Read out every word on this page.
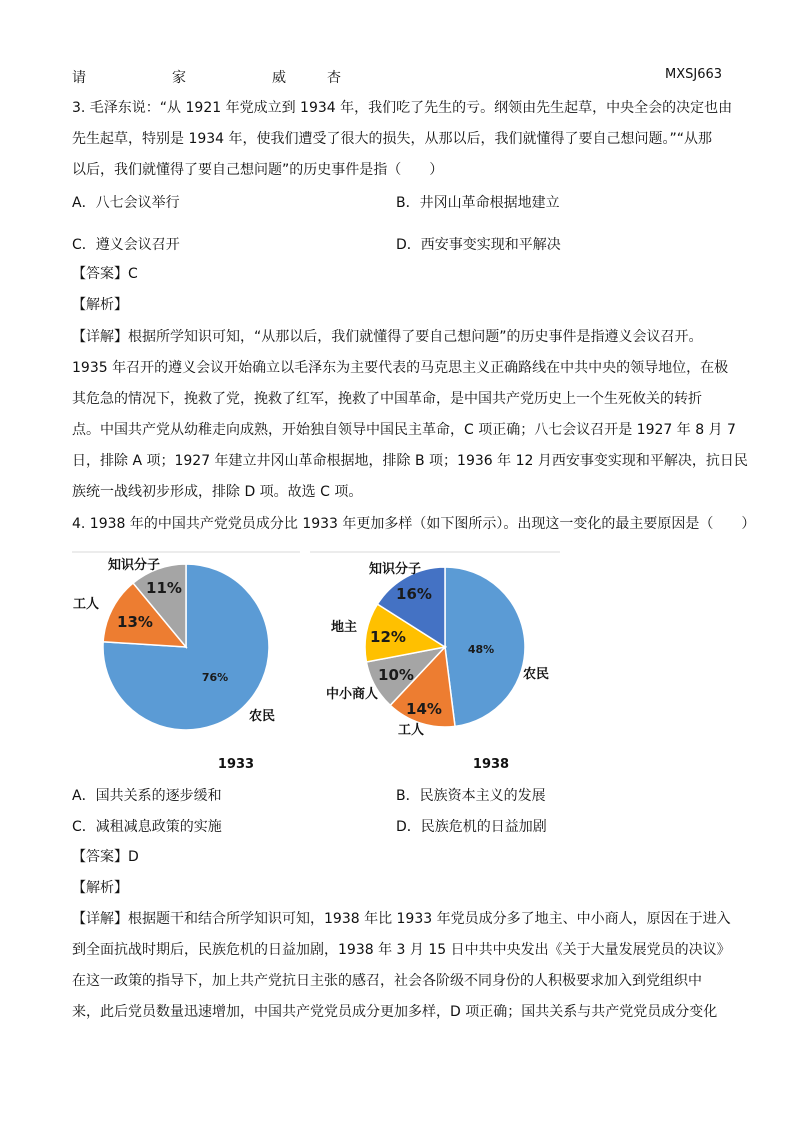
请	家	威	杏	MXSJ663
3. 毛泽东说：“从 1921 年党成立到 1934 年，我们吃了先生的亏。纲领由先生起草，中央全会的决定也由
先生起草，特别是 1934 年，使我们遭受了很大的损失，从那以后，我们就懂得了要自己想问题。”“从那
以后，我们就懂得了要自己想问题”的历史事件是指（　　）
A．八七会议举行	B．井冈山革命根据地建立
C．遵义会议召开	D．西安事变实现和平解决
【答案】C
【解析】
【详解】根据所学知识可知，“从那以后，我们就懂得了要自己想问题”的历史事件是指遵义会议召开。
1935 年召开的遵义会议开始确立以毛泽东为主要代表的马克思主义正确路线在中共中央的领导地位，在极
其危急的情况下，挽救了党，挽救了红军，挽救了中国革命，是中国共产党历史上一个生死攸关的转折
点。中国共产党从幼稚走向成熟，开始独自领导中国民主革命，C 项正确；八七会议召开是 1927 年 8 月 7
日，排除 A 项；1927 年建立井冈山革命根据地，排除 B 项；1936 年 12 月西安事变实现和平解决，抗日民
族统一战线初步形成，排除 D 项。故选 C 项。
4. 1938 年的中国共产党党员成分比 1933 年更加多样（如下图所示）。出现这一变化的最主要原因是（　　）
76%
13%
11%
农民
工人
知识分子
1933
48%
14%
10%
12%
16%
农民
工人
中小商人
地主
知识分子
1938
A．国共关系的逐步缓和	B．民族资本主义的发展
C．减租减息政策的实施	D．民族危机的日益加剧
【答案】D
【解析】
【详解】根据题干和结合所学知识可知，1938 年比 1933 年党员成分多了地主、中小商人，原因在于进入
到全面抗战时期后，民族危机的日益加剧，1938 年 3 月 15 日中共中央发出《关于大量发展党员的决议》
在这一政策的指导下，加上共产党抗日主张的感召，社会各阶级不同身份的人积极要求加入到党组织中
来，此后党员数量迅速增加，中国共产党党员成分更加多样，D 项正确；国共关系与共产党党员成分变化
